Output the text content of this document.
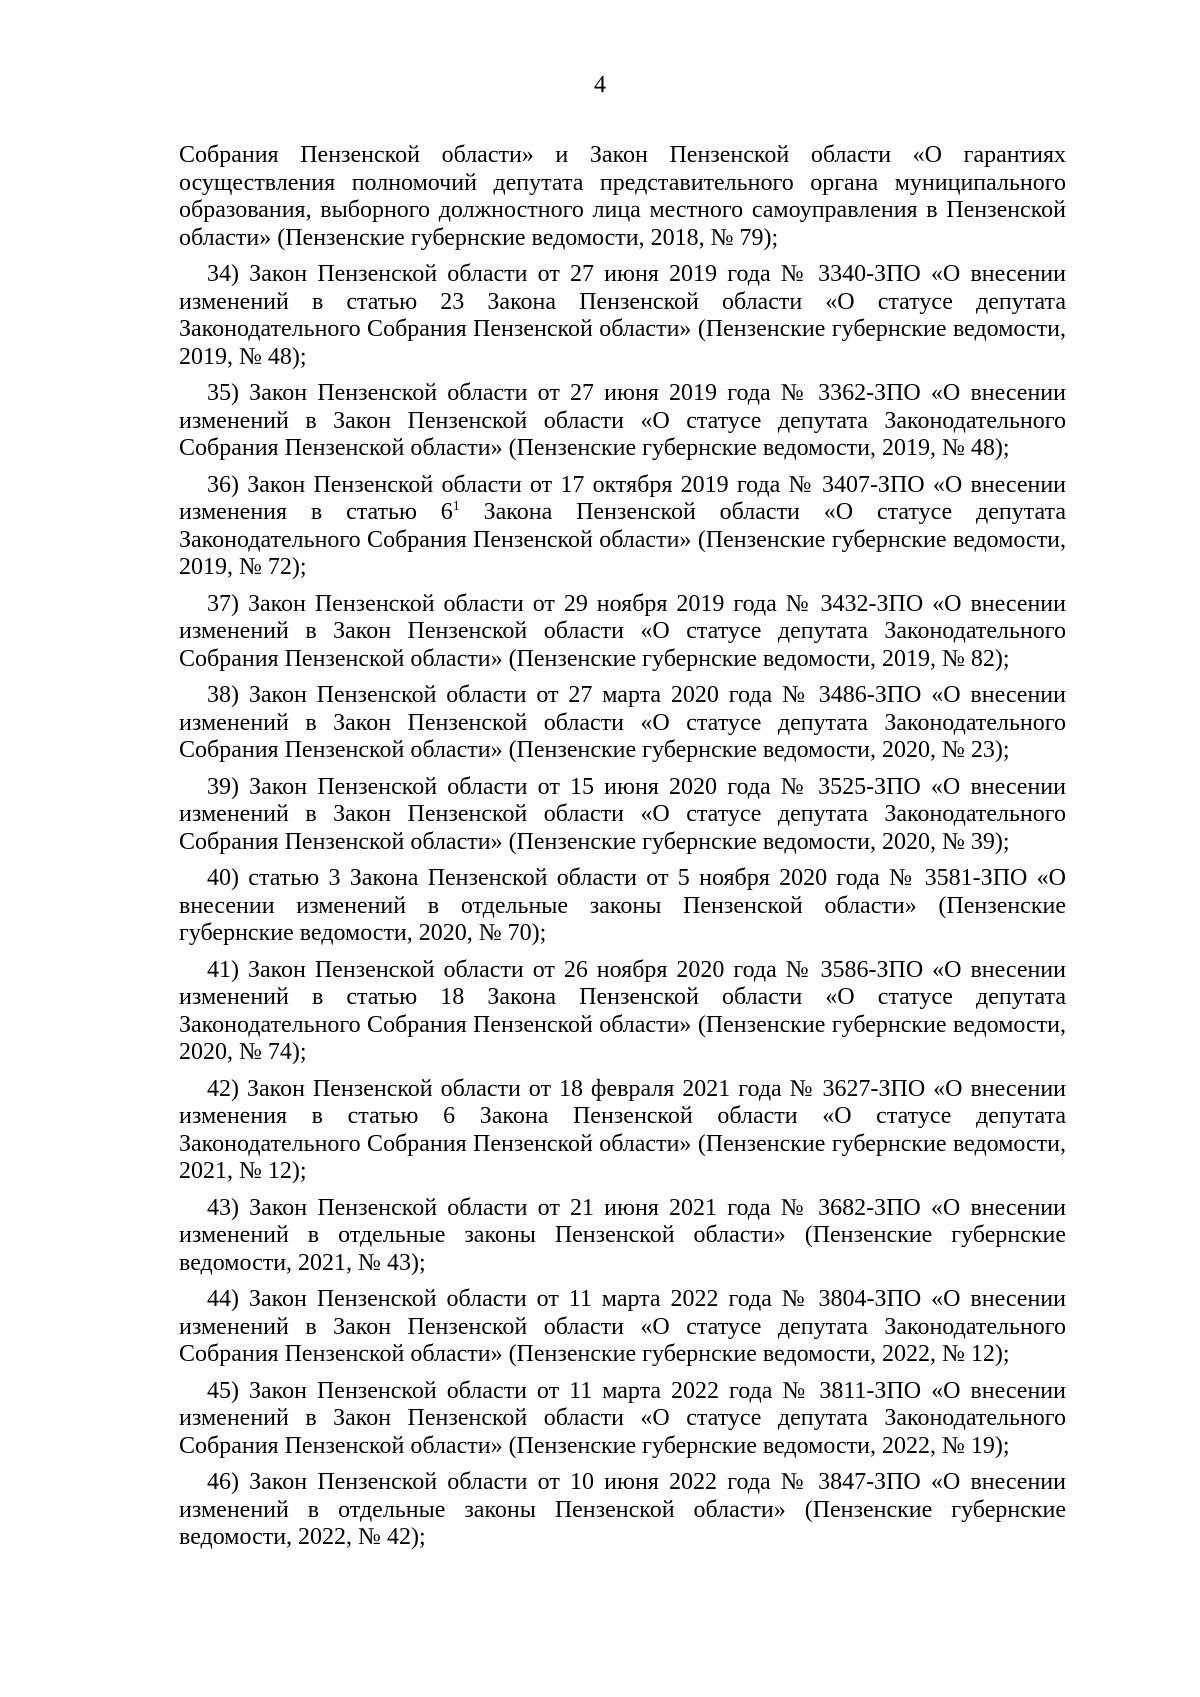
4

Собрания Пензенской области» и Закон Пензенской области «О гарантиях осуществления полномочий депутата представительного органа муниципального образования, выборного должностного лица местного самоуправления в Пензенской области» (Пензенские губернские ведомости, 2018, № 79);

34) Закон Пензенской области от 27 июня 2019 года № 3340-ЗПО «О внесении изменений в статью 23 Закона Пензенской области «О статусе депутата Законодательного Собрания Пензенской области» (Пензенские губернские ведомости, 2019, № 48);

35) Закон Пензенской области от 27 июня 2019 года № 3362-ЗПО «О внесении изменений в Закон Пензенской области «О статусе депутата Законодательного Собрания Пензенской области» (Пензенские губернские ведомости, 2019, № 48);

36) Закон Пензенской области от 17 октября 2019 года № 3407-ЗПО «О внесении изменения в статью $6^1$ Закона Пензенской области «О статусе депутата Законодательного Собрания Пензенской области» (Пензенские губернские ведомости, 2019, № 72);

37) Закон Пензенской области от 29 ноября 2019 года № 3432-ЗПО «О внесении изменений в Закон Пензенской области «О статусе депутата Законодательного Собрания Пензенской области» (Пензенские губернские ведомости, 2019, № 82);

38) Закон Пензенской области от 27 марта 2020 года № 3486-ЗПО «О внесении изменений в Закон Пензенской области «О статусе депутата Законодательного Собрания Пензенской области» (Пензенские губернские ведомости, 2020, № 23);

39) Закон Пензенской области от 15 июня 2020 года № 3525-ЗПО «О внесении изменений в Закон Пензенской области «О статусе депутата Законодательного Собрания Пензенской области» (Пензенские губернские ведомости, 2020, № 39);

40) статью 3 Закона Пензенской области от 5 ноября 2020 года № 3581-ЗПО «О внесении изменений в отдельные законы Пензенской области» (Пензенские губернские ведомости, 2020, № 70);

41) Закон Пензенской области от 26 ноября 2020 года № 3586-ЗПО «О внесении изменений в статью 18 Закона Пензенской области «О статусе депутата Законодательного Собрания Пензенской области» (Пензенские губернские ведомости, 2020, № 74);

42) Закон Пензенской области от 18 февраля 2021 года № 3627-ЗПО «О внесении изменения в статью 6 Закона Пензенской области «О статусе депутата Законодательного Собрания Пензенской области» (Пензенские губернские ведомости, 2021, № 12);

43) Закон Пензенской области от 21 июня 2021 года № 3682-ЗПО «О внесении изменений в отдельные законы Пензенской области» (Пензенские губернские ведомости, 2021, № 43);

44) Закон Пензенской области от 11 марта 2022 года № 3804-ЗПО «О внесении изменений в Закон Пензенской области «О статусе депутата Законодательного Собрания Пензенской области» (Пензенские губернские ведомости, 2022, № 12);

45) Закон Пензенской области от 11 марта 2022 года № 3811-ЗПО «О внесении изменений в Закон Пензенской области «О статусе депутата Законодательного Собрания Пензенской области» (Пензенские губернские ведомости, 2022, № 19);

46) Закон Пензенской области от 10 июня 2022 года № 3847-ЗПО «О внесении изменений в отдельные законы Пензенской области» (Пензенские губернские ведомости, 2022, № 42);
